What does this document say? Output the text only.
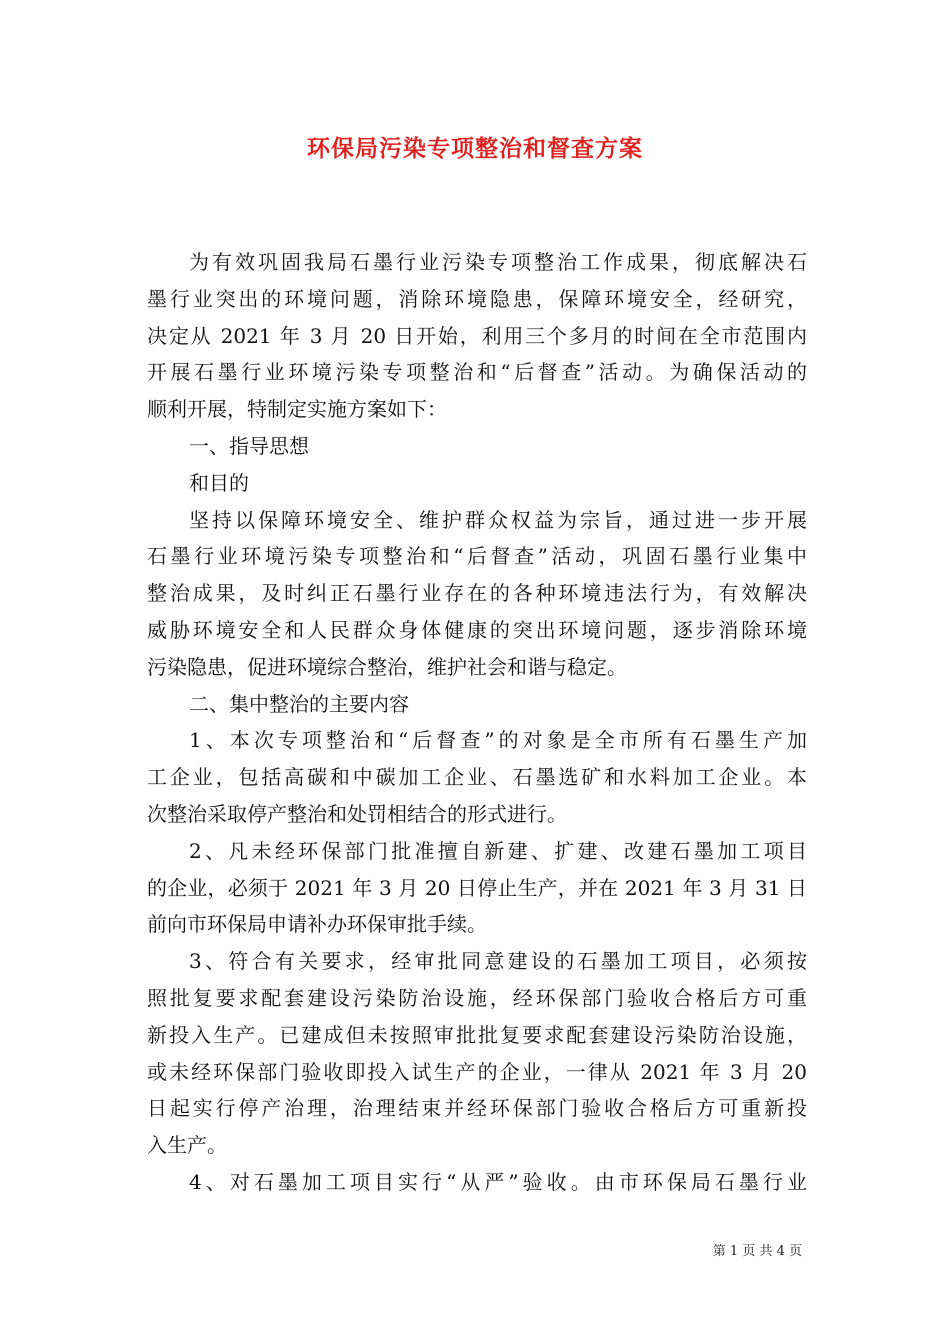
环保局污染专项整治和督查方案
为有效巩固我局石墨行业污染专项整治工作成果，彻底解决石
墨行业突出的环境问题，消除环境隐患，保障环境安全，经研究，
决定从 2021 年 3 月 20 日开始，利用三个多月的时间在全市范围内
开展石墨行业环境污染专项整治和“后督查”活动。为确保活动的
顺利开展，特制定实施方案如下：
一、指导思想
和目的
坚持以保障环境安全、维护群众权益为宗旨，通过进一步开展
石墨行业环境污染专项整治和“后督查”活动，巩固石墨行业集中
整治成果，及时纠正石墨行业存在的各种环境违法行为，有效解决
威胁环境安全和人民群众身体健康的突出环境问题，逐步消除环境
污染隐患，促进环境综合整治，维护社会和谐与稳定。
二、集中整治的主要内容
1、本次专项整治和“后督查”的对象是全市所有石墨生产加
工企业，包括高碳和中碳加工企业、石墨选矿和水料加工企业。本
次整治采取停产整治和处罚相结合的形式进行。
2、凡未经环保部门批准擅自新建、扩建、改建石墨加工项目
的企业，必须于 2021 年 3 月 20 日停止生产，并在 2021 年 3 月 31 日
前向市环保局申请补办环保审批手续。
3、符合有关要求，经审批同意建设的石墨加工项目，必须按
照批复要求配套建设污染防治设施，经环保部门验收合格后方可重
新投入生产。已建成但未按照审批批复要求配套建设污染防治设施，
或未经环保部门验收即投入试生产的企业，一律从 2021 年 3 月 20
日起实行停产治理，治理结束并经环保部门验收合格后方可重新投
入生产。
4、对石墨加工项目实行“从严”验收。由市环保局石墨行业
第 1 页 共 4 页
